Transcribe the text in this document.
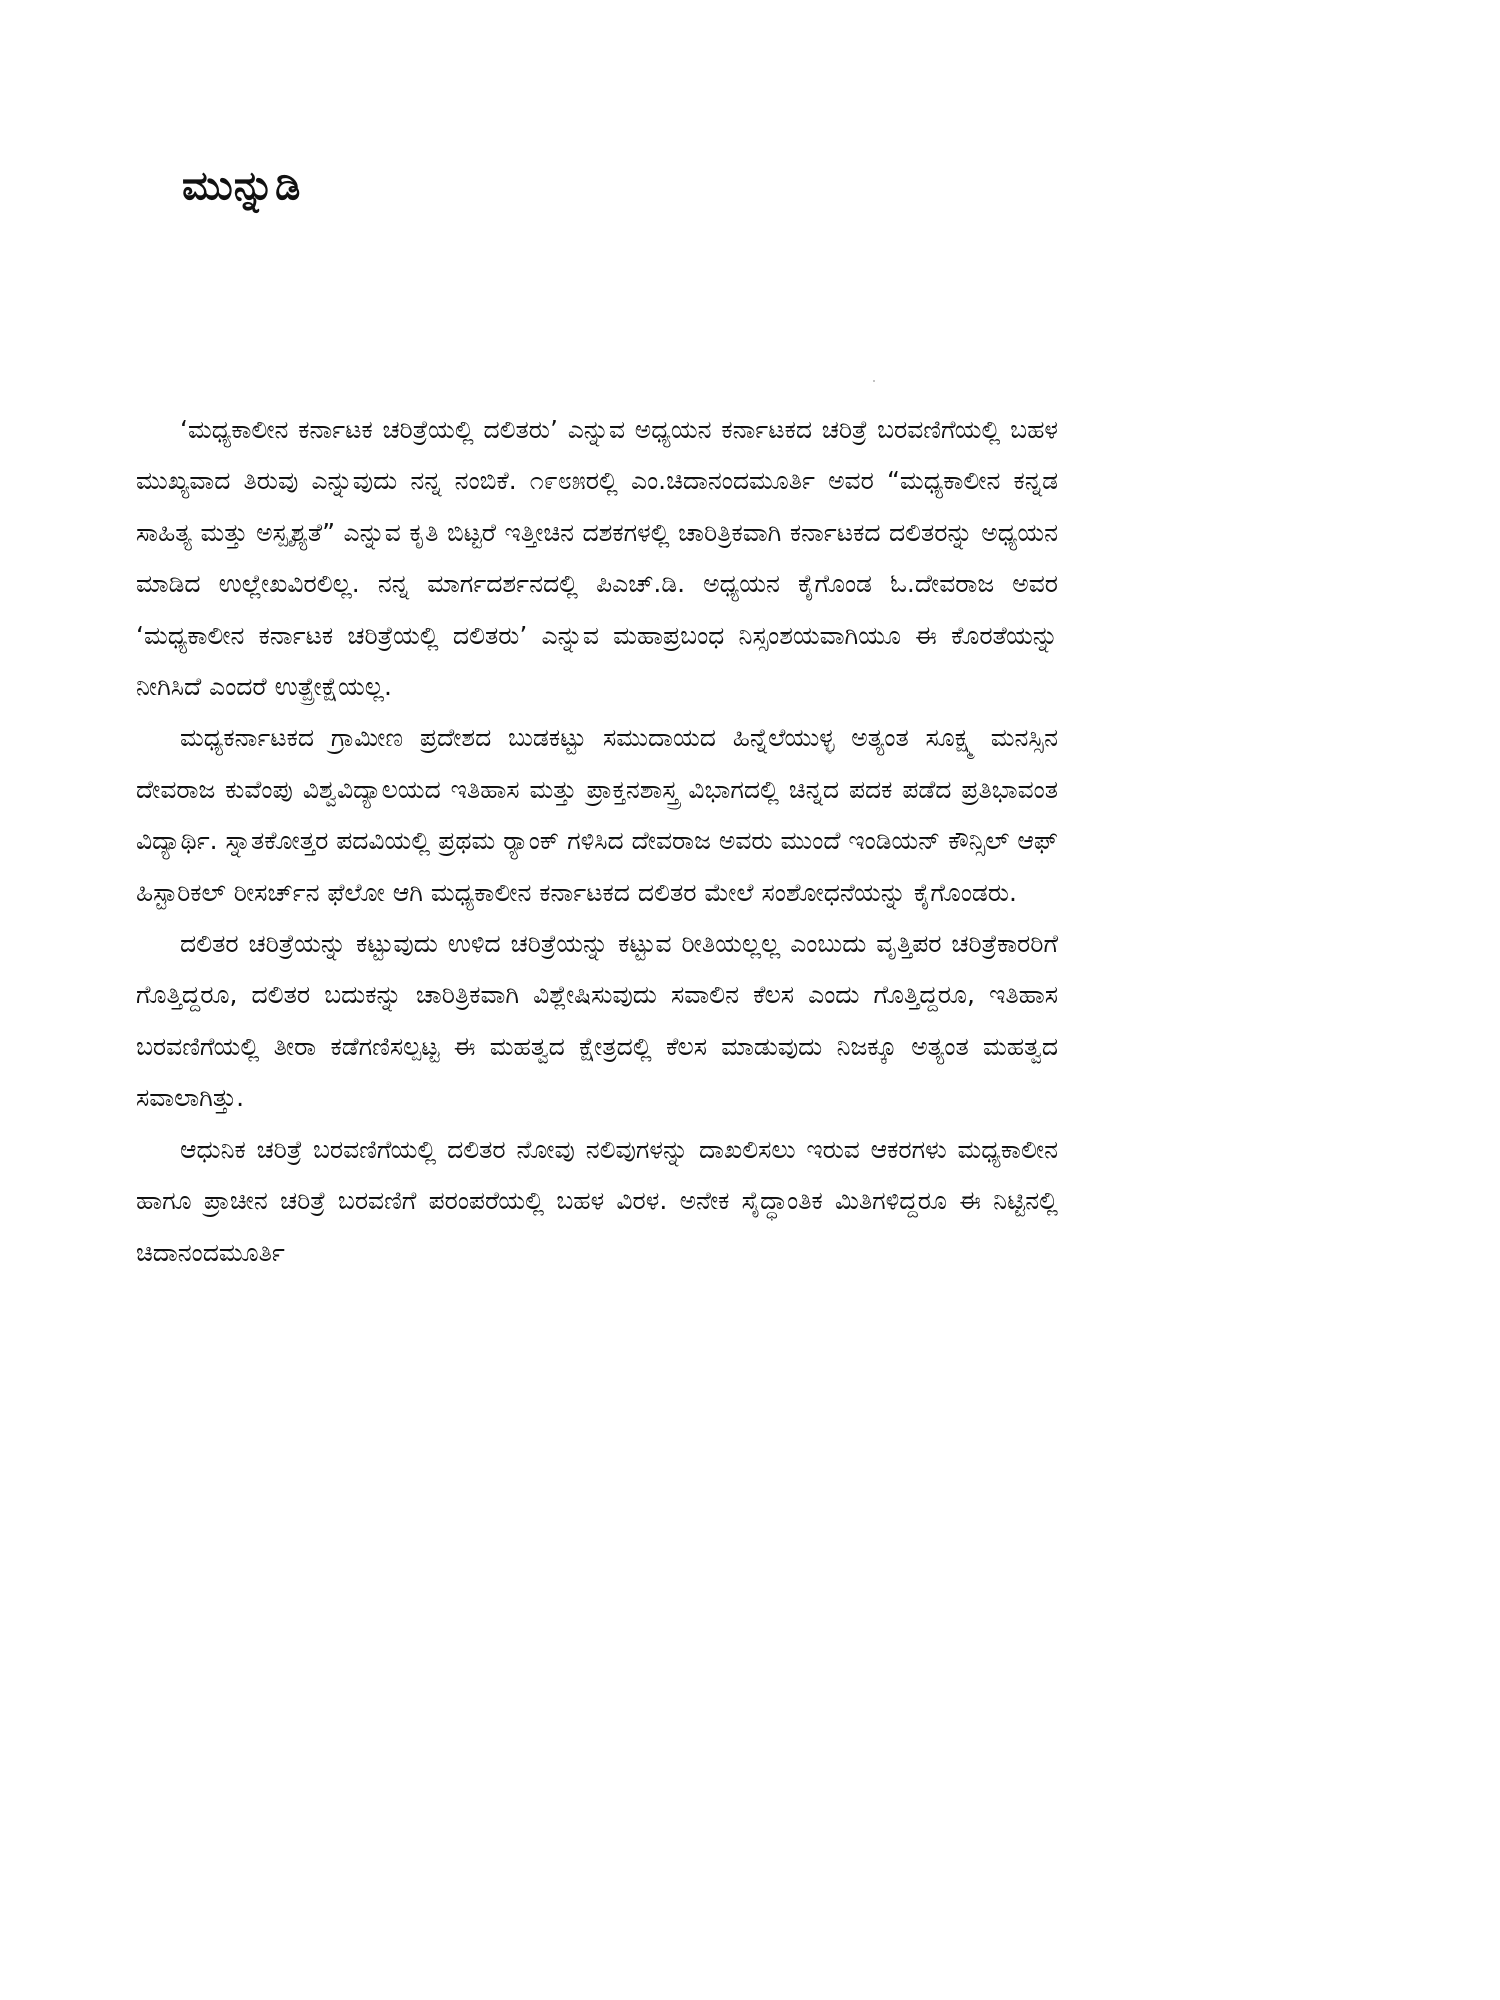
ಮುನ್ನುಡಿ

‘ಮಧ್ಯಕಾಲೀನ ಕರ್ನಾಟಕ ಚರಿತ್ರೆಯಲ್ಲಿ ದಲಿತರು’ ಎನ್ನುವ ಅಧ್ಯಯನ ಕರ್ನಾಟಕದ ಚರಿತ್ರೆ ಬರವಣಿಗೆಯಲ್ಲಿ ಬಹಳ ಮುಖ್ಯವಾದ ತಿರುವು ಎನ್ನುವುದು ನನ್ನ ನಂಬಿಕೆ. ೧೯೮೫ರಲ್ಲಿ ಎಂ.ಚಿದಾನಂದಮೂರ್ತಿ ಅವರ “ಮಧ್ಯಕಾಲೀನ ಕನ್ನಡ ಸಾಹಿತ್ಯ ಮತ್ತು ಅಸ್ಪೃಶ್ಯತೆ” ಎನ್ನುವ ಕೃತಿ ಬಿಟ್ಟರೆ ಇತ್ತೀಚಿನ ದಶಕಗಳಲ್ಲಿ ಚಾರಿತ್ರಿಕವಾಗಿ ಕರ್ನಾಟಕದ ದಲಿತರನ್ನು ಅಧ್ಯಯನ ಮಾಡಿದ ಉಲ್ಲೇಖವಿರಲಿಲ್ಲ. ನನ್ನ ಮಾರ್ಗದರ್ಶನದಲ್ಲಿ ಪಿಎಚ್.ಡಿ. ಅಧ್ಯಯನ ಕೈಗೊಂಡ ಓ.ದೇವರಾಜ ಅವರ ‘ಮಧ್ಯಕಾಲೀನ ಕರ್ನಾಟಕ ಚರಿತ್ರೆಯಲ್ಲಿ ದಲಿತರು’ ಎನ್ನುವ ಮಹಾಪ್ರಬಂಧ ನಿಸ್ಸಂಶಯವಾಗಿಯೂ ಈ ಕೊರತೆಯನ್ನು ನೀಗಿಸಿದೆ ಎಂದರೆ ಉತ್ಪ್ರೇಕ್ಷೆಯಲ್ಲ.

ಮಧ್ಯಕರ್ನಾಟಕದ ಗ್ರಾಮೀಣ ಪ್ರದೇಶದ ಬುಡಕಟ್ಟು ಸಮುದಾಯದ ಹಿನ್ನೆಲೆಯುಳ್ಳ ಅತ್ಯಂತ ಸೂಕ್ಷ್ಮ ಮನಸ್ಸಿನ ದೇವರಾಜ ಕುವೆಂಪು ವಿಶ್ವವಿದ್ಯಾಲಯದ ಇತಿಹಾಸ ಮತ್ತು ಪ್ರಾಕ್ತನಶಾಸ್ತ್ರ ವಿಭಾಗದಲ್ಲಿ ಚಿನ್ನದ ಪದಕ ಪಡೆದ ಪ್ರತಿಭಾವಂತ ವಿದ್ಯಾರ್ಥಿ. ಸ್ನಾತಕೋತ್ತರ ಪದವಿಯಲ್ಲಿ ಪ್ರಥಮ ರ್‍ಯಾಂಕ್ ಗಳಿಸಿದ ದೇವರಾಜ ಅವರು ಮುಂದೆ ಇಂಡಿಯನ್ ಕೌನ್ಸಿಲ್ ಆಫ್ ಹಿಸ್ಟಾರಿಕಲ್ ರೀಸರ್ಚ್‌ನ ಫೆಲೋ ಆಗಿ ಮಧ್ಯಕಾಲೀನ ಕರ್ನಾಟಕದ ದಲಿತರ ಮೇಲೆ ಸಂಶೋಧನೆಯನ್ನು ಕೈಗೊಂಡರು.

ದಲಿತರ ಚರಿತ್ರೆಯನ್ನು ಕಟ್ಟುವುದು ಉಳಿದ ಚರಿತ್ರೆಯನ್ನು ಕಟ್ಟುವ ರೀತಿಯಲ್ಲಲ್ಲ ಎಂಬುದು ವೃತ್ತಿಪರ ಚರಿತ್ರೆಕಾರರಿಗೆ ಗೊತ್ತಿದ್ದರೂ, ದಲಿತರ ಬದುಕನ್ನು ಚಾರಿತ್ರಿಕವಾಗಿ ವಿಶ್ಲೇಷಿಸುವುದು ಸವಾಲಿನ ಕೆಲಸ ಎಂದು ಗೊತ್ತಿದ್ದರೂ, ಇತಿಹಾಸ ಬರವಣಿಗೆಯಲ್ಲಿ ತೀರಾ ಕಡೆಗಣಿಸಲ್ಪಟ್ಟ ಈ ಮಹತ್ವದ ಕ್ಷೇತ್ರದಲ್ಲಿ ಕೆಲಸ ಮಾಡುವುದು ನಿಜಕ್ಕೂ ಅತ್ಯಂತ ಮಹತ್ವದ ಸವಾಲಾಗಿತ್ತು.

ಆಧುನಿಕ ಚರಿತ್ರೆ ಬರವಣಿಗೆಯಲ್ಲಿ ದಲಿತರ ನೋವು ನಲಿವುಗಳನ್ನು ದಾಖಲಿಸಲು ಇರುವ ಆಕರಗಳು ಮಧ್ಯಕಾಲೀನ ಹಾಗೂ ಪ್ರಾಚೀನ ಚರಿತ್ರೆ ಬರವಣಿಗೆ ಪರಂಪರೆಯಲ್ಲಿ ಬಹಳ ವಿರಳ. ಅನೇಕ ಸೈದ್ಧಾಂತಿಕ ಮಿತಿಗಳಿದ್ದರೂ ಈ ನಿಟ್ಟಿನಲ್ಲಿ ಚಿದಾನಂದಮೂರ್ತಿ
